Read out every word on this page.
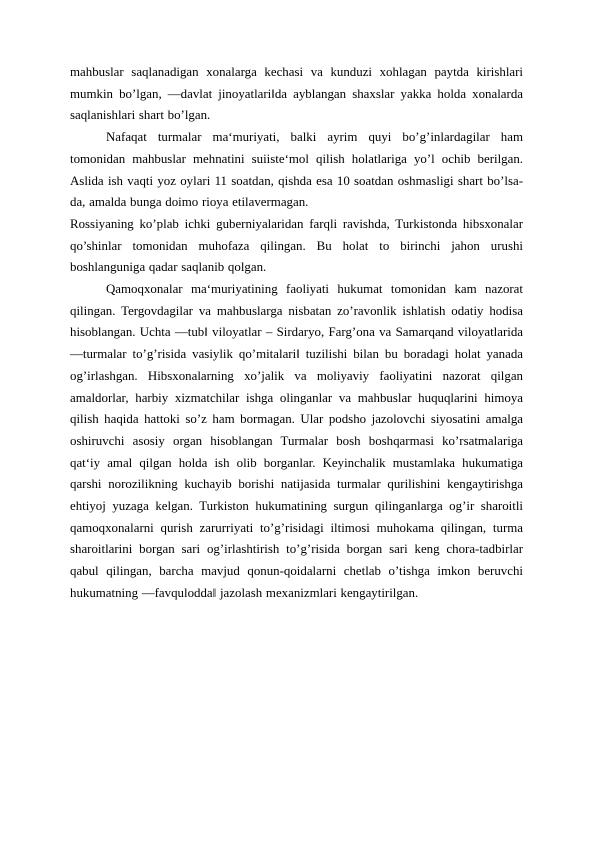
mahbuslar saqlanadigan xonalarga kechasi va kunduzi xohlagan paytda kirishlari mumkin bo’lgan, ―davlat jinoyatlari‖da ayblangan shaxslar yakka holda xonalarda saqlanishlari shart bo’lgan.

Nafaqat turmalar ma‘muriyati, balki ayrim quyi bo’g’inlardagilar ham tomonidan mahbuslar mehnatini suiiste‘mol qilish holatlariga yo’l ochib berilgan. Aslida ish vaqti yoz oylari 11 soatdan, qishda esa 10 soatdan oshmasligi shart bo’lsa-da, amalda bunga doimo rioya etilavermagan.

Rossiyaning ko’plab ichki guberniyalaridan farqli ravishda, Turkistonda hibsxonalar qo’shinlar tomonidan muhofaza qilingan. Bu holat to birinchi jahon urushi boshlanguniga qadar saqlanib qolgan.

Qamoqxonalar ma‘muriyatining faoliyati hukumat tomonidan kam nazorat qilingan. Tergovdagilar va mahbuslarga nisbatan zo’ravonlik ishlatish odatiy hodisa hisoblangan. Uchta ―tub‖ viloyatlar – Sirdaryo, Farg’ona va Samarqand viloyatlarida ―turmalar to’g’risida vasiylik qo’mitalari‖ tuzilishi bilan bu boradagi holat yanada og’irlashgan. Hibsxonalarning xo’jalik va moliyaviy faoliyatini nazorat qilgan amaldorlar, harbiy xizmatchilar ishga olinganlar va mahbuslar huquqlarini himoya qilish haqida hattoki so’z ham bormagan. Ular podsho jazolovchi siyosatini amalga oshiruvchi asosiy organ hisoblangan Turmalar bosh boshqarmasi ko’rsatmalariga qat‘iy amal qilgan holda ish olib borganlar. Keyinchalik mustamlaka hukumatiga qarshi norozilikning kuchayib borishi natijasida turmalar qurilishini kengaytirishga ehtiyoj yuzaga kelgan. Turkiston hukumatining surgun qilinganlarga og’ir sharoitli qamoqxonalarni qurish zarurriyati to’g’risidagi iltimosi muhokama qilingan, turma sharoitlarini borgan sari og’irlashtirish to’g’risida borgan sari keng chora-tadbirlar qabul qilingan, barcha mavjud qonun-qoidalarni chetlab o’tishga imkon beruvchi hukumatning ―favqulodda‖ jazolash mexanizmlari kengaytirilgan.
